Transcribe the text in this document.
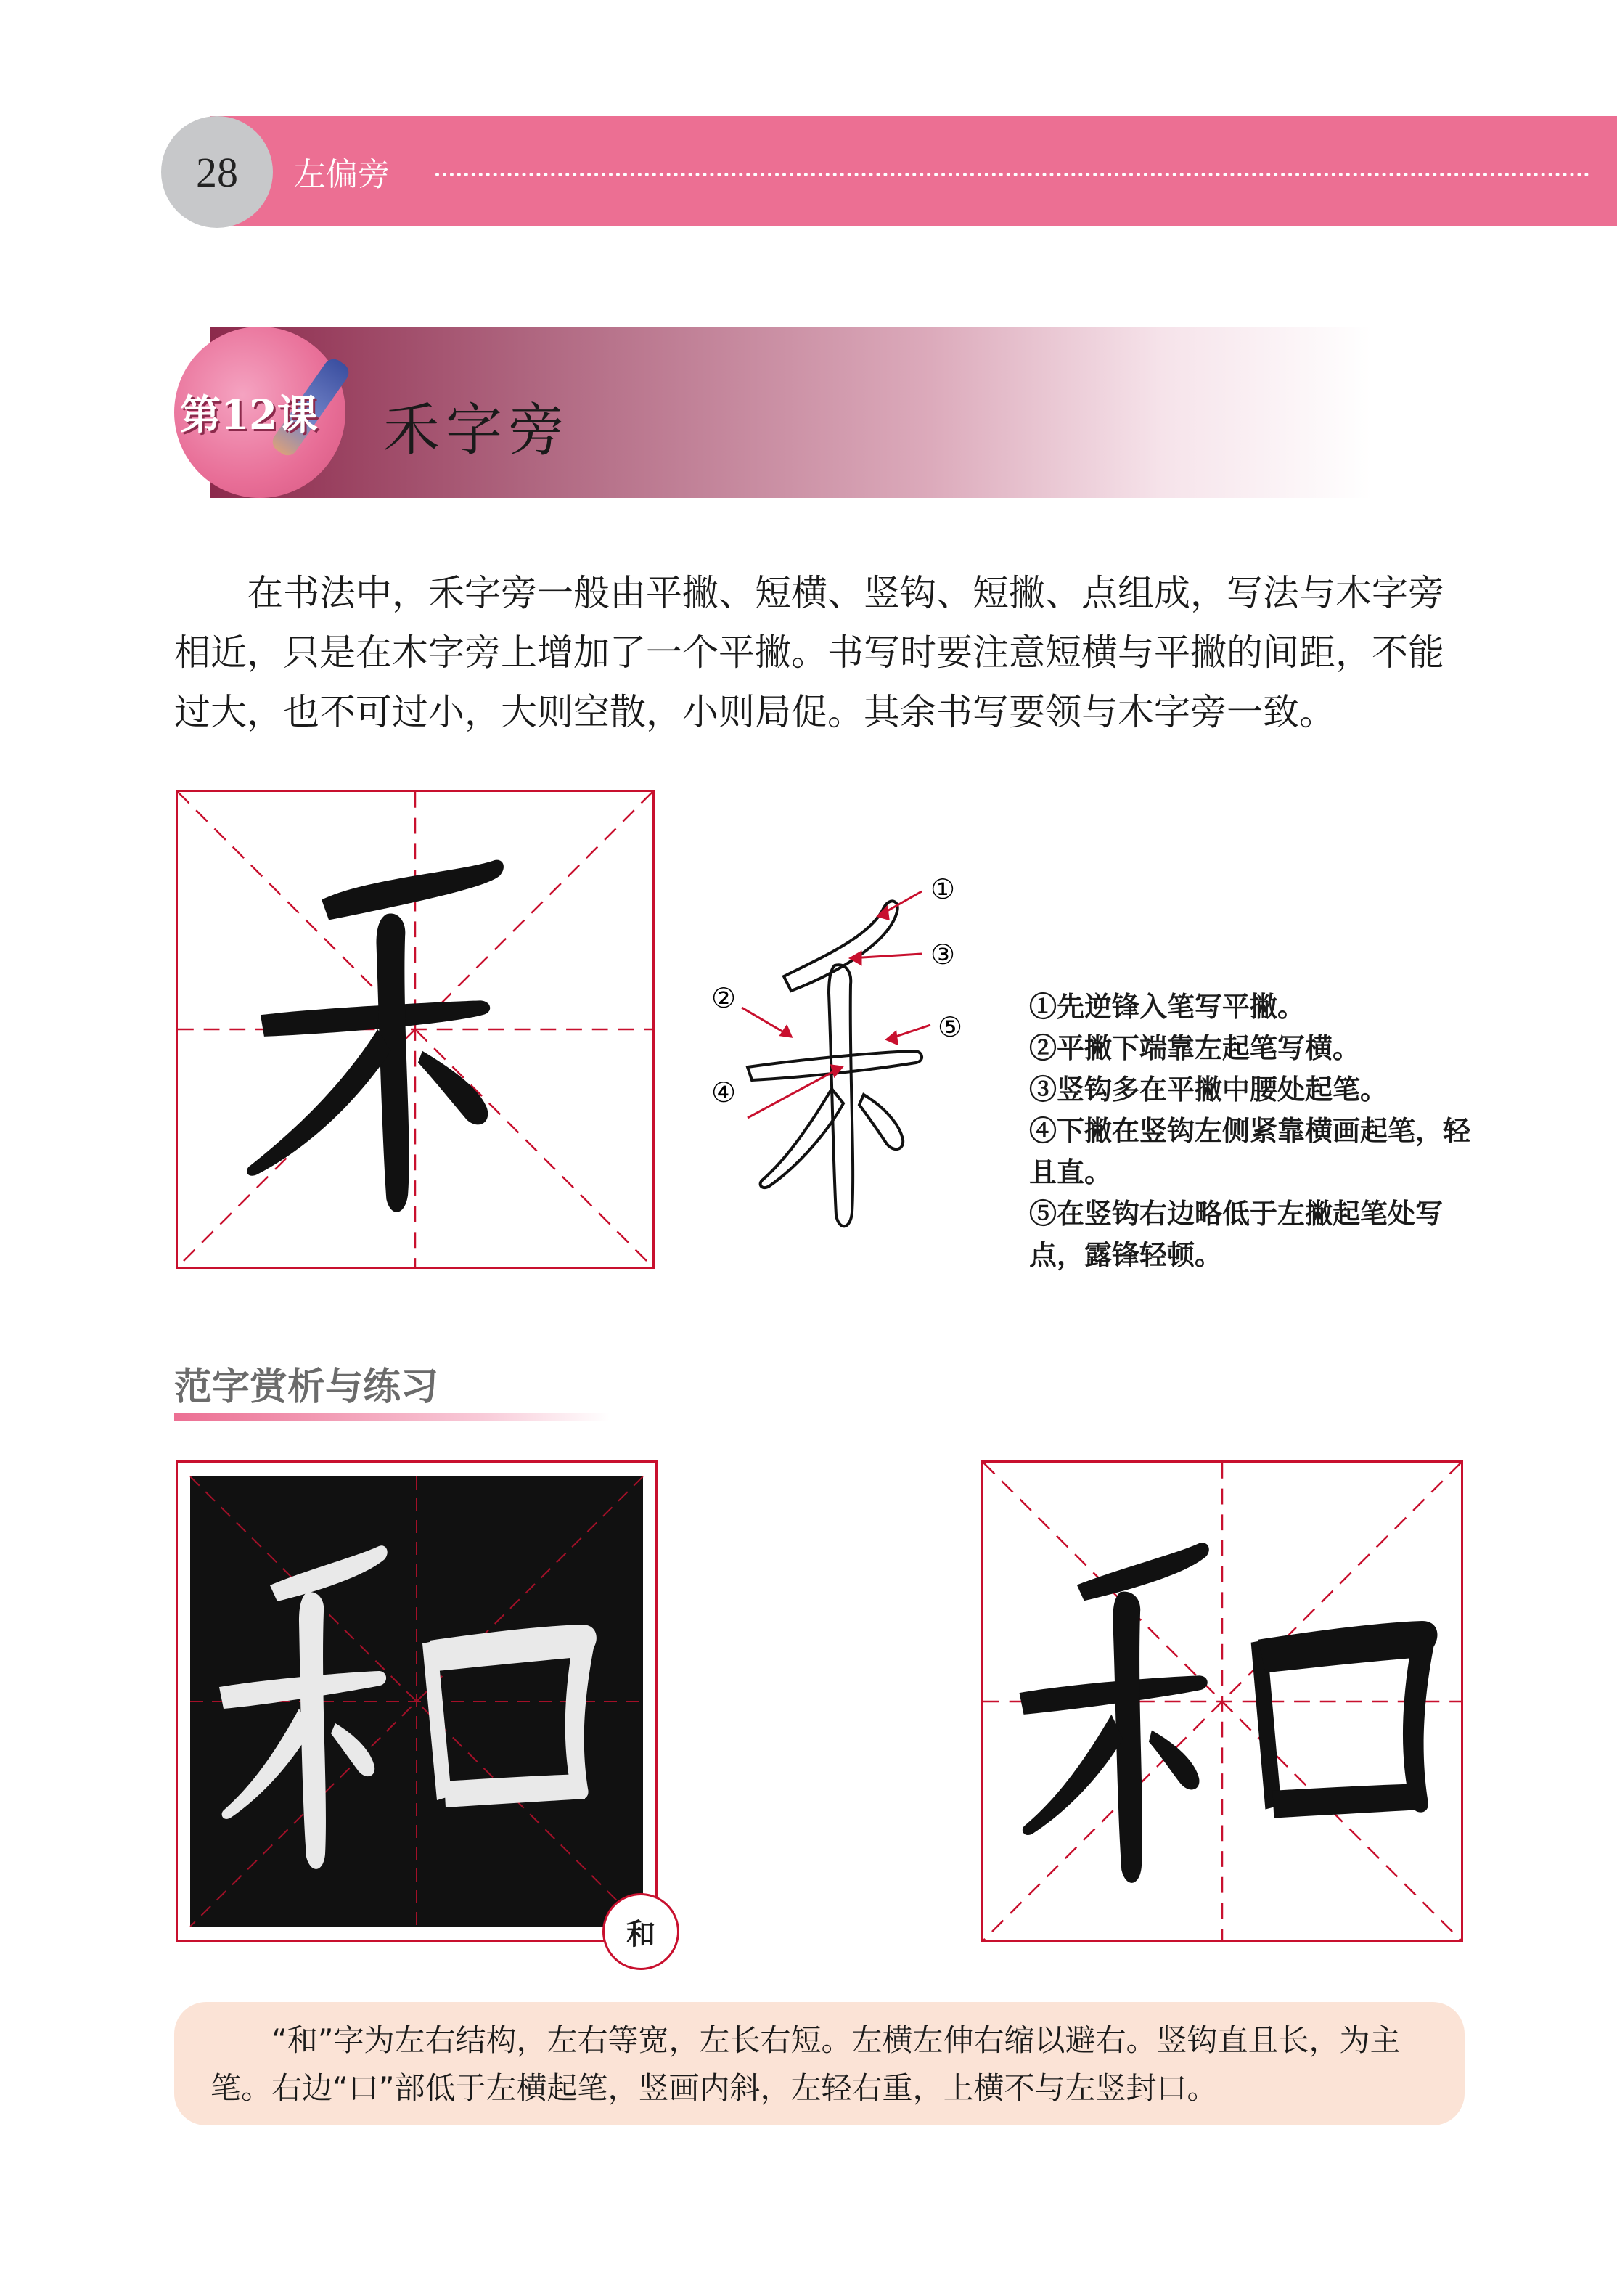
28	左偏旁
第12课 禾字旁
在书法中，禾字旁一般由平撇、短横、竖钩、短撇、点组成，写法与木字旁相近，只是在木字旁上增加了一个平撇。书写时要注意短横与平撇的间距，不能过大，也不可过小，大则空散，小则局促。其余书写要领与木字旁一致。
①
③
②
④
⑤

①先逆锋入笔写平撇。

②平撇下端靠左起笔写横。

③竖钩多在平撇中腰处起笔。

④下撇在竖钩左侧紧靠横画起笔，轻且直。

⑤在竖钩右边略低于左撇起笔处写点，露锋轻顿。

范字赏析与练习
和
“和”字为左右结构，左右等宽，左长右短。左横左伸右缩以避右。竖钩直且长，为主笔。右边“口”部低于左横起笔，竖画内斜，左轻右重，上横不与左竖封口。
